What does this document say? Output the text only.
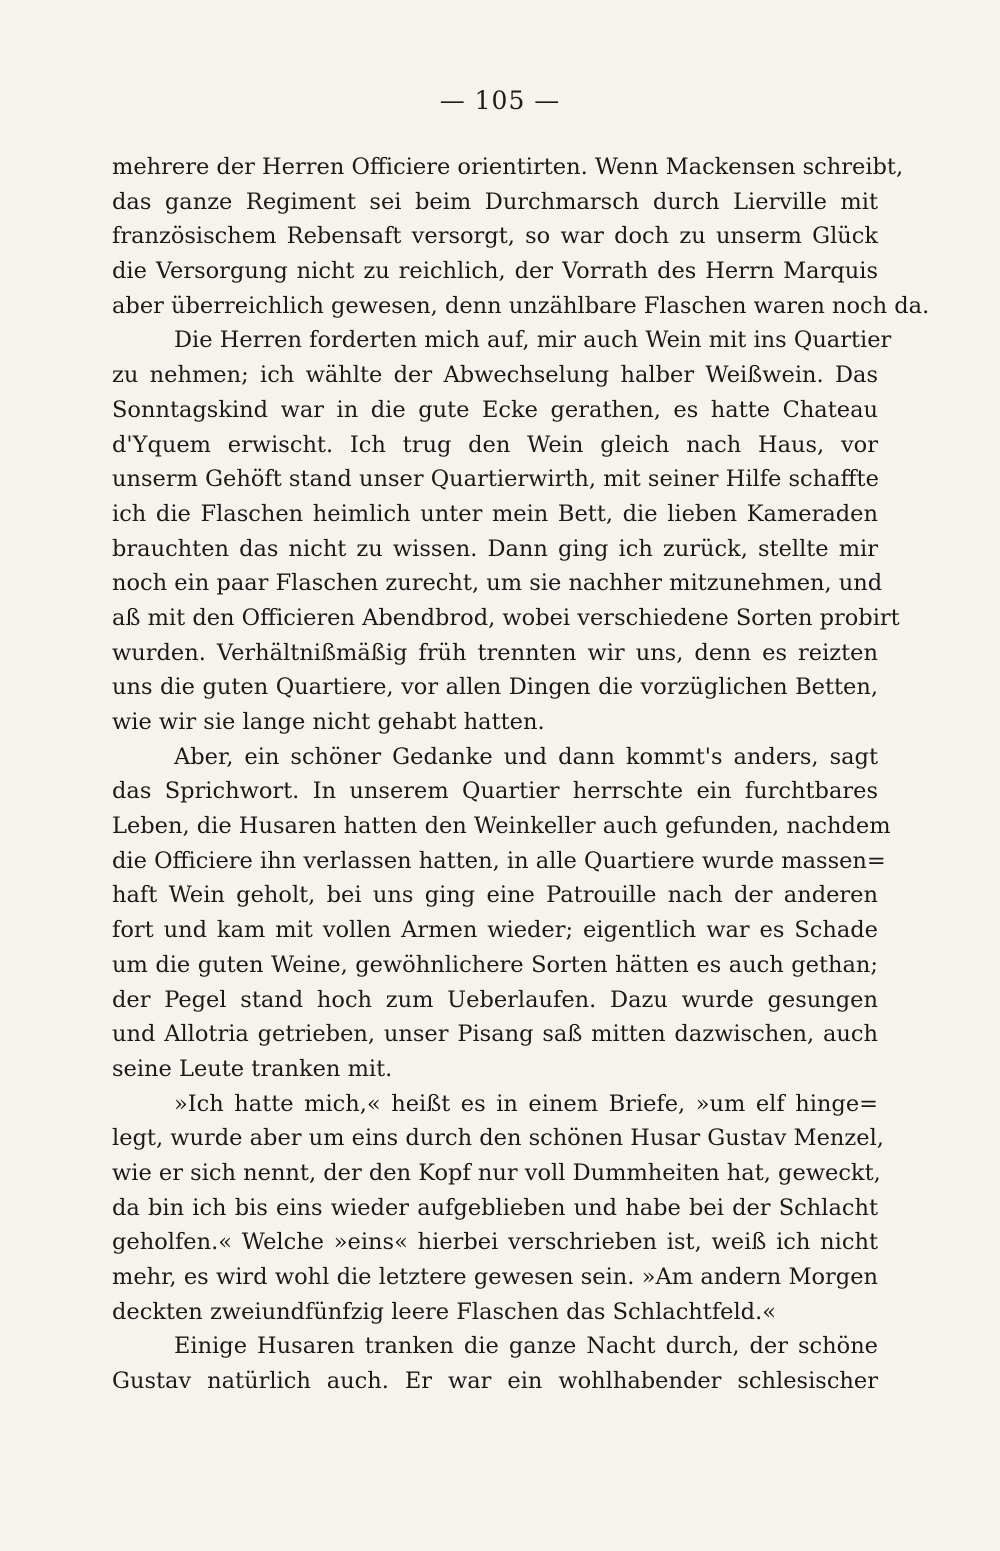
— 105 —
mehrere der Herren Officiere orientirten. Wenn Mackensen schreibt,
das ganze Regiment sei beim Durchmarsch durch Lierville mit
französischem Rebensaft versorgt, so war doch zu unserm Glück
die Versorgung nicht zu reichlich, der Vorrath des Herrn Marquis
aber überreichlich gewesen, denn unzählbare Flaschen waren noch da.
Die Herren forderten mich auf, mir auch Wein mit ins Quartier
zu nehmen; ich wählte der Abwechselung halber Weißwein. Das
Sonntagskind war in die gute Ecke gerathen, es hatte Chateau
d'Yquem erwischt. Ich trug den Wein gleich nach Haus, vor
unserm Gehöft stand unser Quartierwirth, mit seiner Hilfe schaffte
ich die Flaschen heimlich unter mein Bett, die lieben Kameraden
brauchten das nicht zu wissen. Dann ging ich zurück, stellte mir
noch ein paar Flaschen zurecht, um sie nachher mitzunehmen, und
aß mit den Officieren Abendbrod, wobei verschiedene Sorten probirt
wurden. Verhältnißmäßig früh trennten wir uns, denn es reizten
uns die guten Quartiere, vor allen Dingen die vorzüglichen Betten,
wie wir sie lange nicht gehabt hatten.
Aber, ein schöner Gedanke und dann kommt's anders, sagt
das Sprichwort. In unserem Quartier herrschte ein furchtbares
Leben, die Husaren hatten den Weinkeller auch gefunden, nachdem
die Officiere ihn verlassen hatten, in alle Quartiere wurde massen=
haft Wein geholt, bei uns ging eine Patrouille nach der anderen
fort und kam mit vollen Armen wieder; eigentlich war es Schade
um die guten Weine, gewöhnlichere Sorten hätten es auch gethan;
der Pegel stand hoch zum Ueberlaufen. Dazu wurde gesungen
und Allotria getrieben, unser Pisang saß mitten dazwischen, auch
seine Leute tranken mit.
»Ich hatte mich,« heißt es in einem Briefe, »um elf hinge=
legt, wurde aber um eins durch den schönen Husar Gustav Menzel,
wie er sich nennt, der den Kopf nur voll Dummheiten hat, geweckt,
da bin ich bis eins wieder aufgeblieben und habe bei der Schlacht
geholfen.« Welche »eins« hierbei verschrieben ist, weiß ich nicht
mehr, es wird wohl die letztere gewesen sein. »Am andern Morgen
deckten zweiundfünfzig leere Flaschen das Schlachtfeld.«
Einige Husaren tranken die ganze Nacht durch, der schöne
Gustav natürlich auch. Er war ein wohlhabender schlesischer
